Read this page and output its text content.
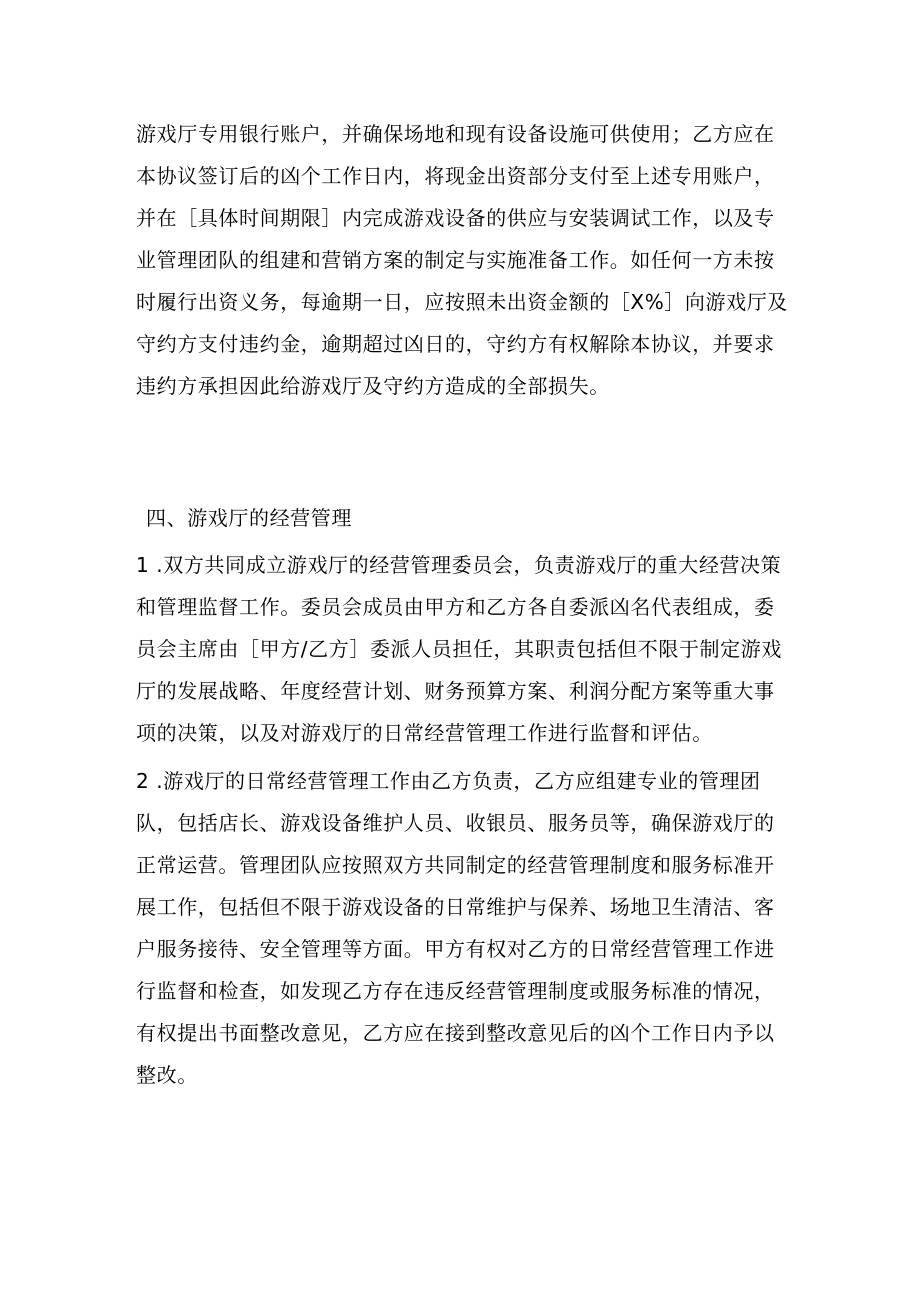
游戏厅专用银行账户，并确保场地和现有设备设施可供使用；乙方应在
本协议签订后的凶个工作日内，将现金出资部分支付至上述专用账户，
并在［具体时间期限］内完成游戏设备的供应与安装调试工作，以及专
业管理团队的组建和营销方案的制定与实施准备工作。如任何一方未按
时履行出资义务，每逾期一日，应按照未出资金额的［X%］向游戏厅及
守约方支付违约金，逾期超过凶日的，守约方有权解除本协议，并要求
违约方承担因此给游戏厅及守约方造成的全部损失。
四、游戏厅的经营管理
1 .双方共同成立游戏厅的经营管理委员会，负责游戏厅的重大经营决策
和管理监督工作。委员会成员由甲方和乙方各自委派凶名代表组成，委
员会主席由［甲方/乙方］委派人员担任，其职责包括但不限于制定游戏
厅的发展战略、年度经营计划、财务预算方案、利润分配方案等重大事
项的决策，以及对游戏厅的日常经营管理工作进行监督和评估。
2 .游戏厅的日常经营管理工作由乙方负责，乙方应组建专业的管理团
队，包括店长、游戏设备维护人员、收银员、服务员等，确保游戏厅的
正常运营。管理团队应按照双方共同制定的经营管理制度和服务标准开
展工作，包括但不限于游戏设备的日常维护与保养、场地卫生清洁、客
户服务接待、安全管理等方面。甲方有权对乙方的日常经营管理工作进
行监督和检查，如发现乙方存在违反经营管理制度或服务标准的情况，
有权提出书面整改意见，乙方应在接到整改意见后的凶个工作日内予以
整改。
